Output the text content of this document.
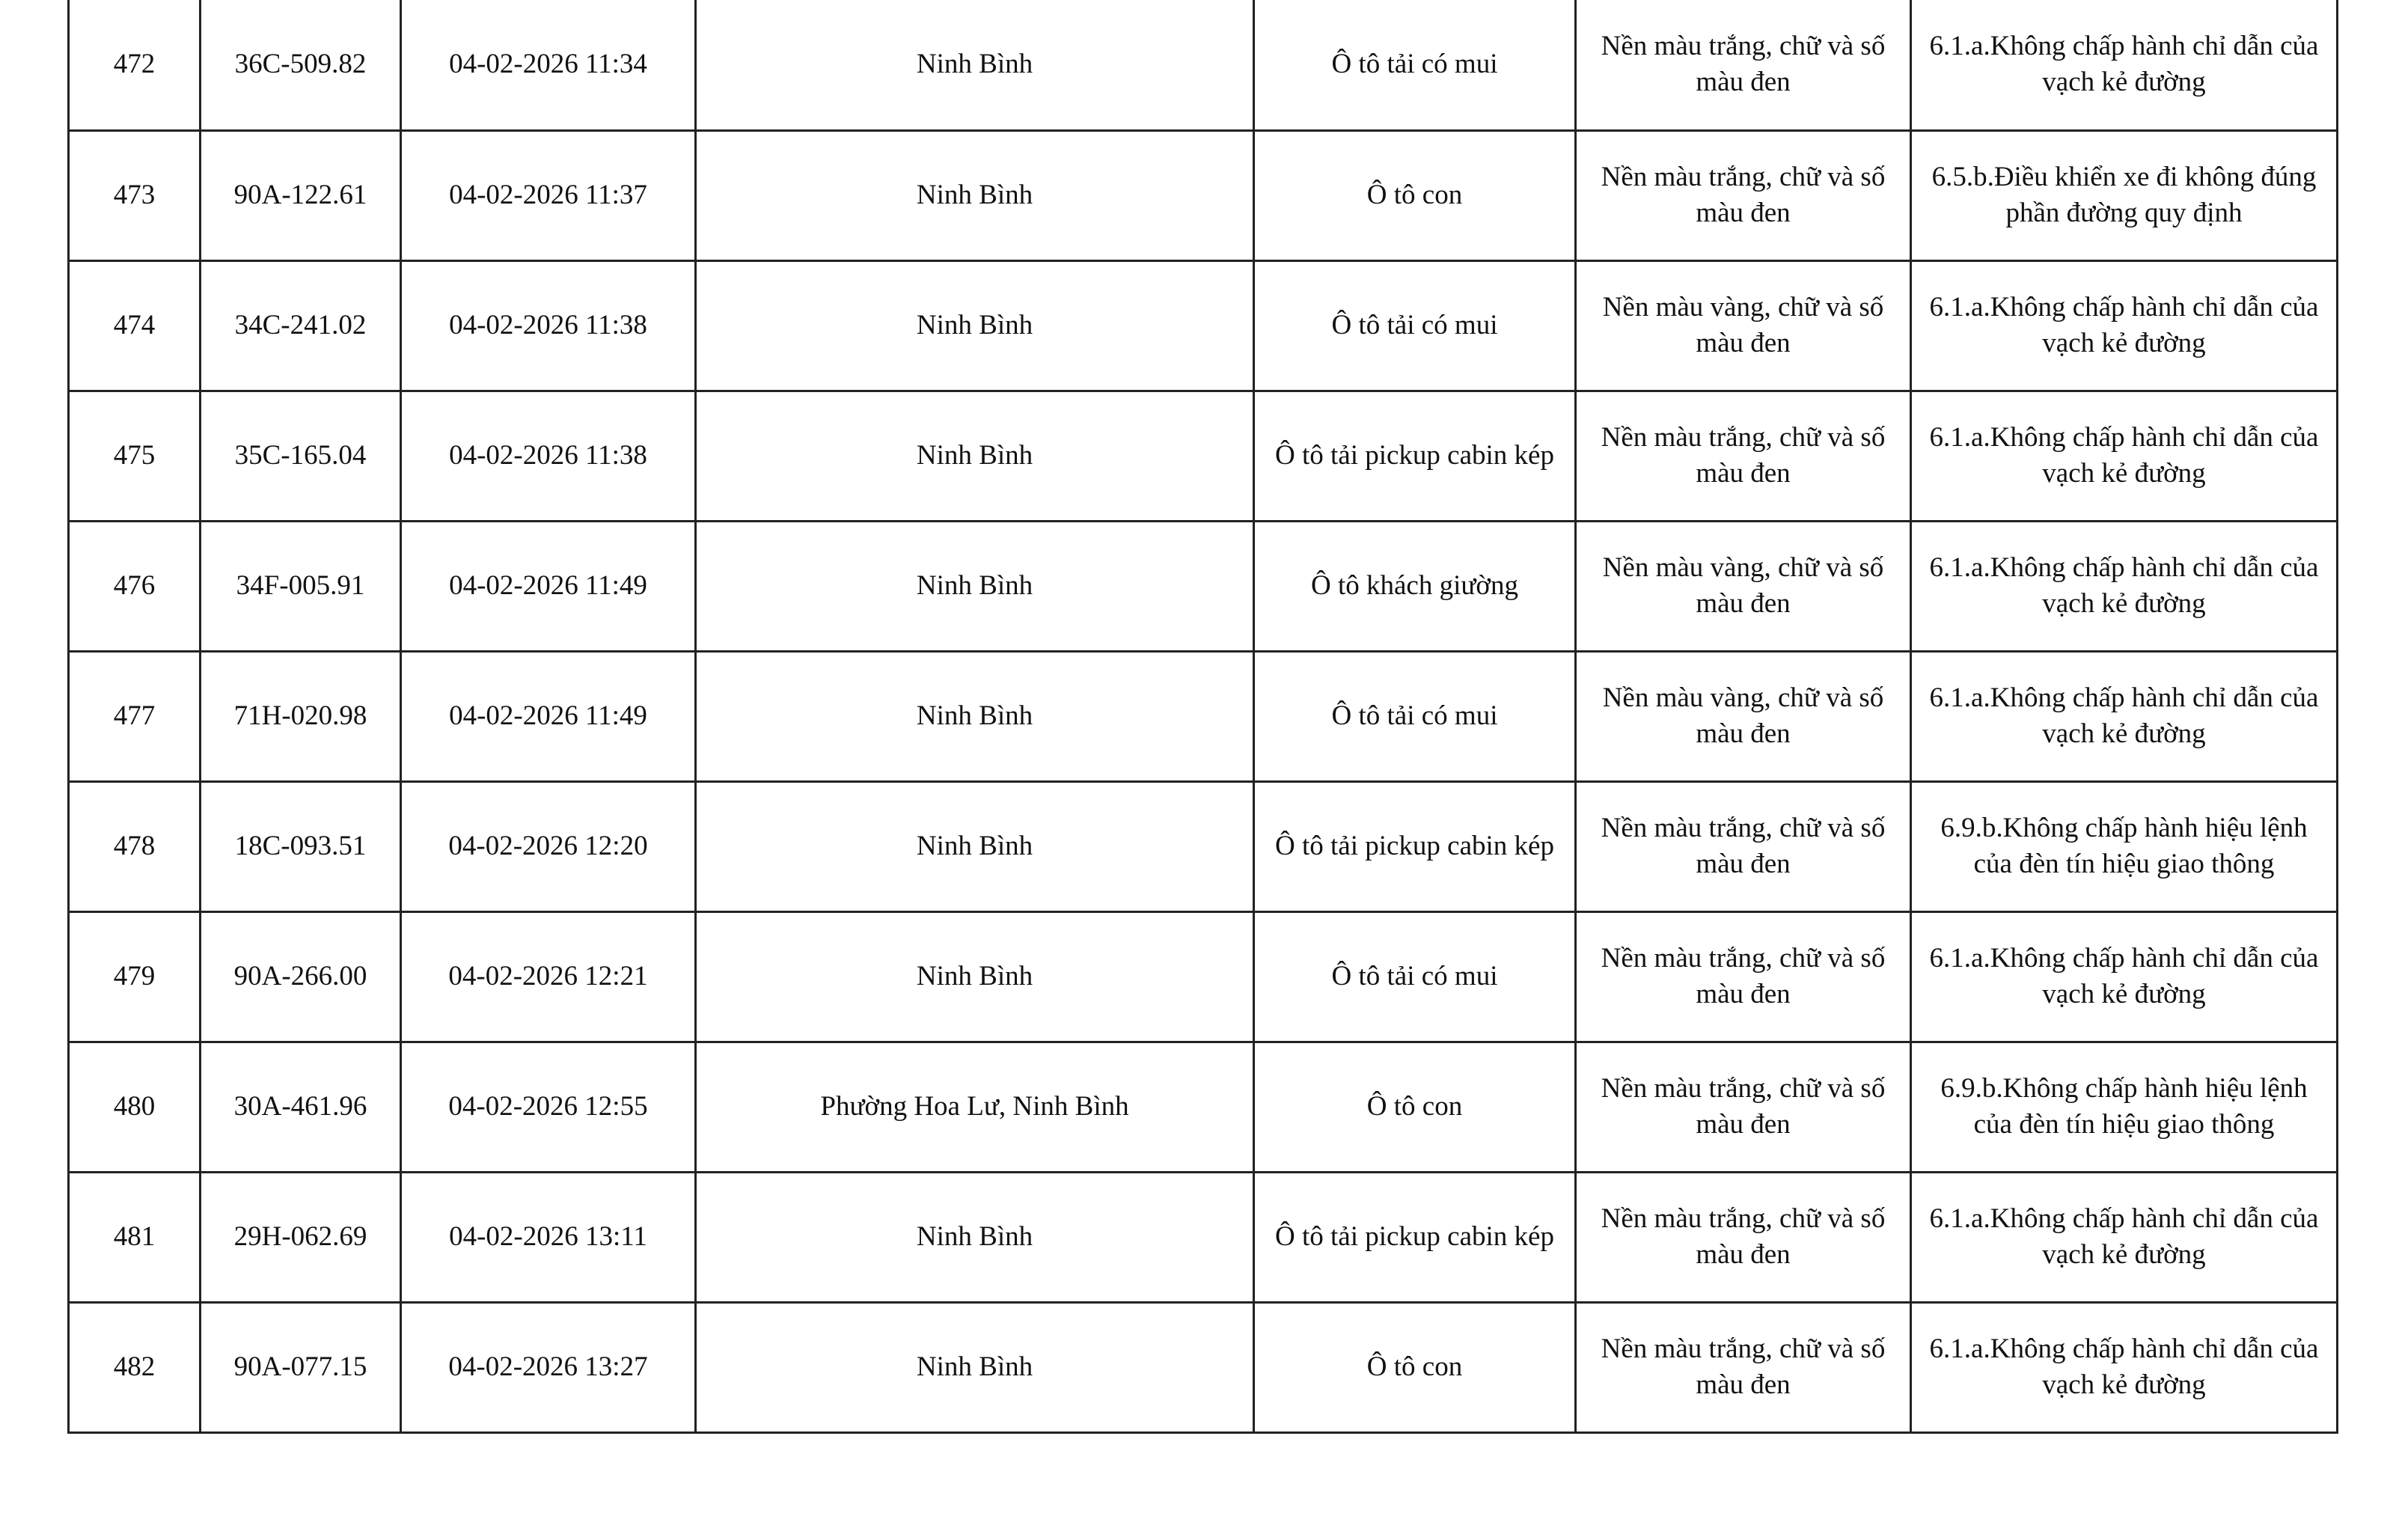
472	36C-509.82	04-02-2026 11:34	Ninh Bình	Ô tô tải có mui	Nền màu trắng, chữ và số màu đen	6.1.a.Không chấp hành chỉ dẫn của vạch kẻ đường

473	90A-122.61	04-02-2026 11:37	Ninh Bình	Ô tô con	Nền màu trắng, chữ và số màu đen	6.5.b.Điều khiển xe đi không đúng phần đường quy định

474	34C-241.02	04-02-2026 11:38	Ninh Bình	Ô tô tải có mui	Nền màu vàng, chữ và số màu đen	6.1.a.Không chấp hành chỉ dẫn của vạch kẻ đường

475	35C-165.04	04-02-2026 11:38	Ninh Bình	Ô tô tải pickup cabin kép	Nền màu trắng, chữ và số màu đen	6.1.a.Không chấp hành chỉ dẫn của vạch kẻ đường

476	34F-005.91	04-02-2026 11:49	Ninh Bình	Ô tô khách giường	Nền màu vàng, chữ và số màu đen	6.1.a.Không chấp hành chỉ dẫn của vạch kẻ đường

477	71H-020.98	04-02-2026 11:49	Ninh Bình	Ô tô tải có mui	Nền màu vàng, chữ và số màu đen	6.1.a.Không chấp hành chỉ dẫn của vạch kẻ đường

478	18C-093.51	04-02-2026 12:20	Ninh Bình	Ô tô tải pickup cabin kép	Nền màu trắng, chữ và số màu đen	6.9.b.Không chấp hành hiệu lệnh của đèn tín hiệu giao thông

479	90A-266.00	04-02-2026 12:21	Ninh Bình	Ô tô tải có mui	Nền màu trắng, chữ và số màu đen	6.1.a.Không chấp hành chỉ dẫn của vạch kẻ đường

480	30A-461.96	04-02-2026 12:55	Phường Hoa Lư, Ninh Bình	Ô tô con	Nền màu trắng, chữ và số màu đen	6.9.b.Không chấp hành hiệu lệnh của đèn tín hiệu giao thông

481	29H-062.69	04-02-2026 13:11	Ninh Bình	Ô tô tải pickup cabin kép	Nền màu trắng, chữ và số màu đen	6.1.a.Không chấp hành chỉ dẫn của vạch kẻ đường

482	90A-077.15	04-02-2026 13:27	Ninh Bình	Ô tô con	Nền màu trắng, chữ và số màu đen	6.1.a.Không chấp hành chỉ dẫn của vạch kẻ đường
